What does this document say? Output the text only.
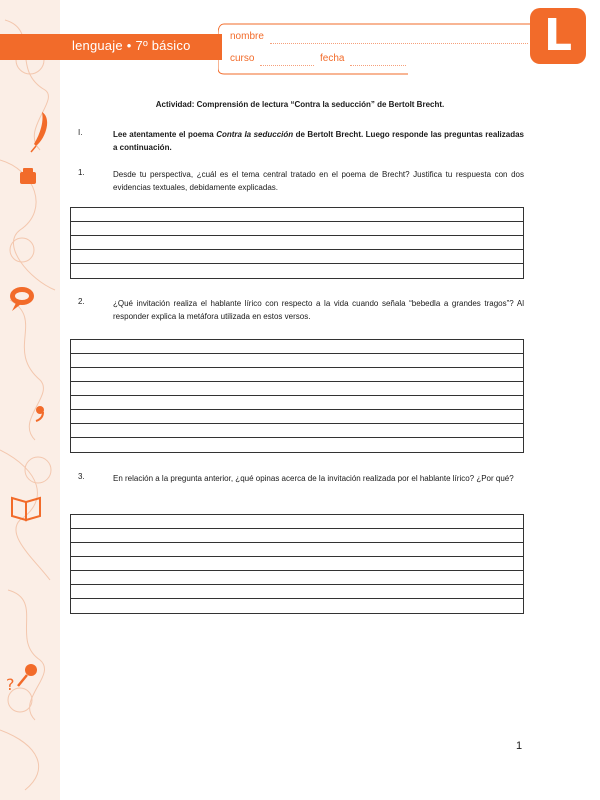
?
lenguaje • 7º básico
nombre
curso	fecha	L
Actividad: Comprensión de lectura “Contra la seducción” de Bertolt Brecht.
I.	Lee atentamente el poema Contra la seducción de Bertolt Brecht. Luego responde las preguntas realizadas a continuación.
1.	Desde tu perspectiva, ¿cuál es el tema central tratado en el poema de Brecht? Justifica tu respuesta con dos evidencias textuales, debidamente explicadas.
2.	¿Qué invitación realiza el hablante lírico con respecto a la vida cuando señala “bebedla a grandes tragos”? Al responder explica la metáfora utilizada en estos versos.
3.	En relación a la pregunta anterior, ¿qué opinas acerca de la invitación realizada por el hablante lírico? ¿Por qué?
1
